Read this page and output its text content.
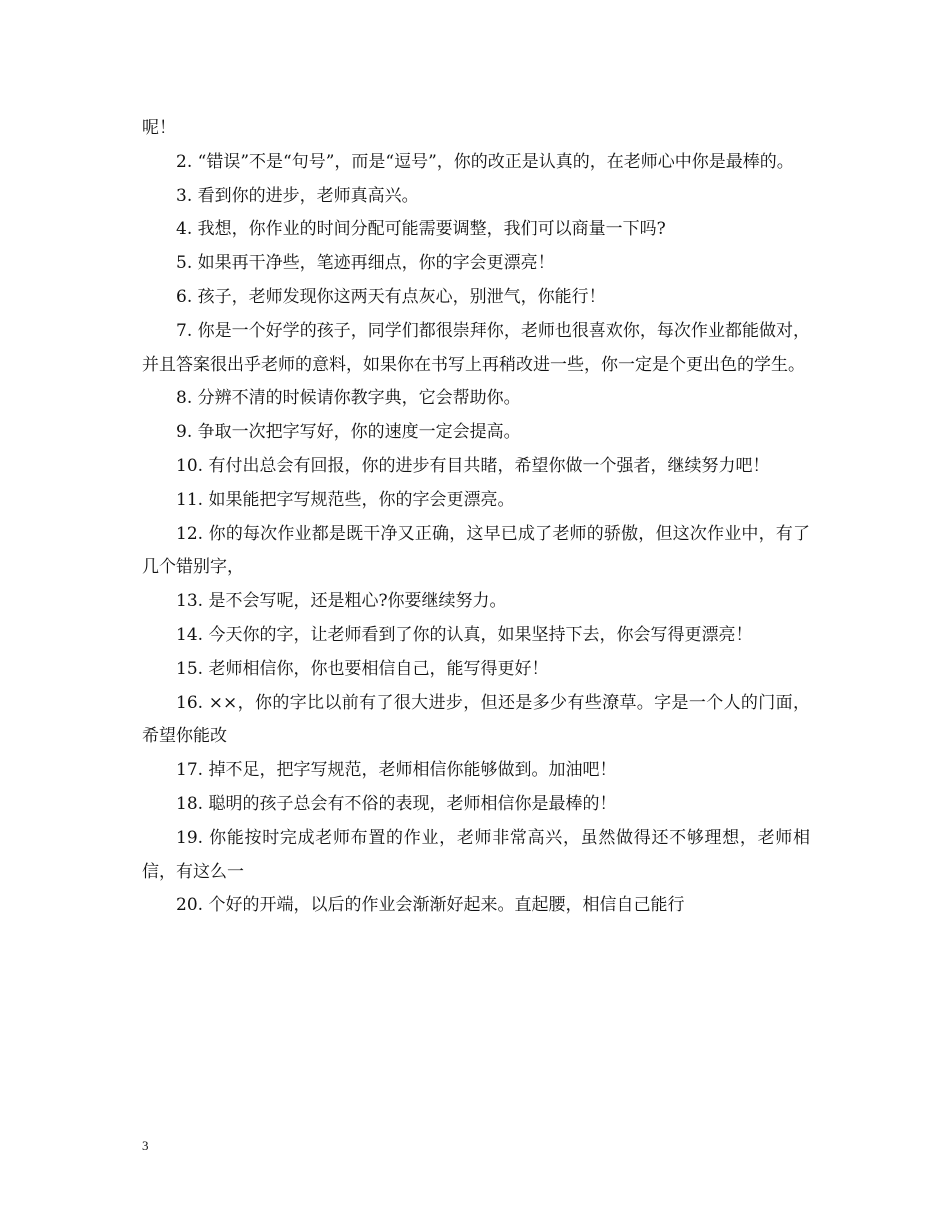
呢！

2. “错误”不是“句号”，而是“逗号”，你的改正是认真的，在老师心中你是最棒的。

3. 看到你的进步，老师真高兴。

4. 我想，你作业的时间分配可能需要调整，我们可以商量一下吗?

5. 如果再干净些，笔迹再细点，你的字会更漂亮！

6. 孩子，老师发现你这两天有点灰心，别泄气，你能行！

7. 你是一个好学的孩子，同学们都很崇拜你，老师也很喜欢你，每次作业都能做对，并且答案很出乎老师的意料，如果你在书写上再稍改进一些，你一定是个更出色的学生。

8. 分辨不清的时候请你教字典，它会帮助你。

9. 争取一次把字写好，你的速度一定会提高。

10. 有付出总会有回报，你的进步有目共睹，希望你做一个强者，继续努力吧！

11. 如果能把字写规范些，你的字会更漂亮。

12. 你的每次作业都是既干净又正确，这早已成了老师的骄傲，但这次作业中，有了几个错别字，

13. 是不会写呢，还是粗心?你要继续努力。

14. 今天你的字，让老师看到了你的认真，如果坚持下去，你会写得更漂亮！

15. 老师相信你，你也要相信自己，能写得更好！

16. ××，你的字比以前有了很大进步，但还是多少有些潦草。字是一个人的门面，希望你能改

17. 掉不足，把字写规范，老师相信你能够做到。加油吧！

18. 聪明的孩子总会有不俗的表现，老师相信你是最棒的！

19. 你能按时完成老师布置的作业，老师非常高兴，虽然做得还不够理想，老师相信，有这么一

20. 个好的开端，以后的作业会渐渐好起来。直起腰，相信自己能行

3
